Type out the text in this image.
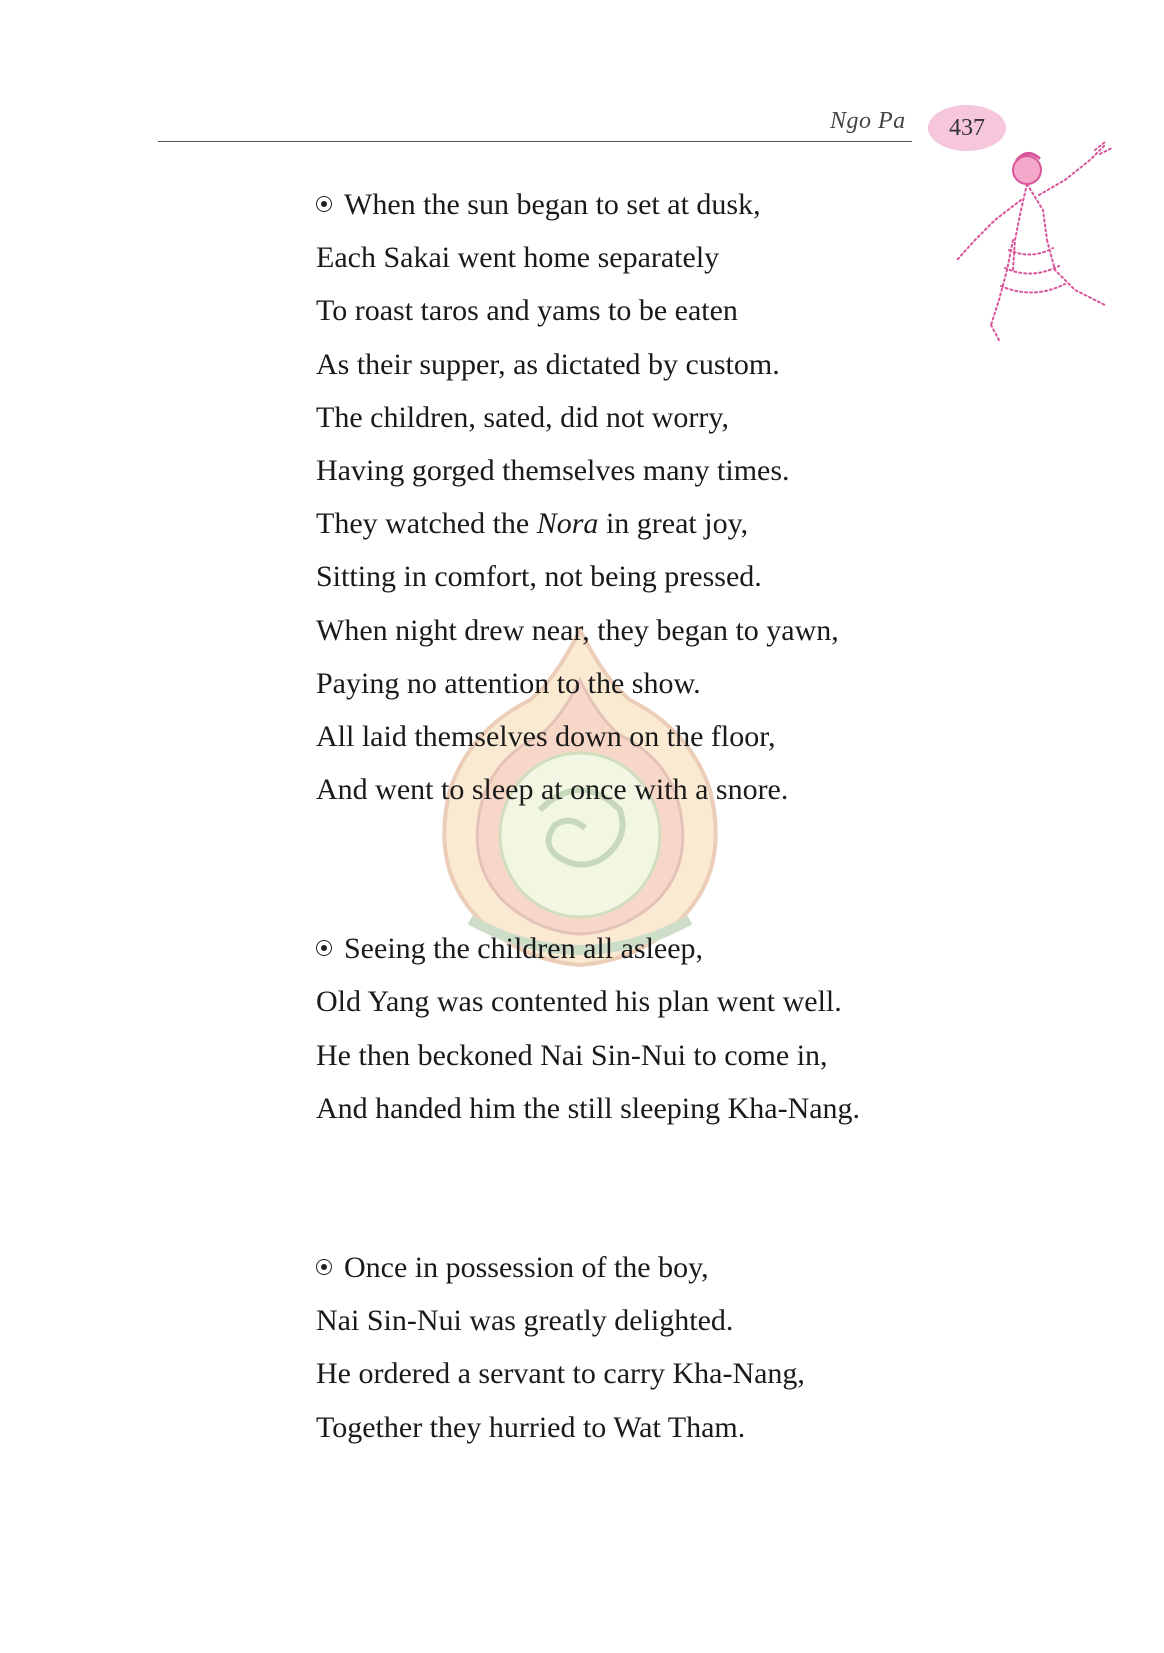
Ngo Pa 437
When the sun began to set at dusk,
Each Sakai went home separately
To roast taros and yams to be eaten
As their supper, as dictated by custom.
The children, sated, did not worry,
Having gorged themselves many times.
They watched the Nora in great joy,
Sitting in comfort, not being pressed.
When night drew near, they began to yawn,
Paying no attention to the show.
All laid themselves down on the floor,
And went to sleep at once with a snore.
Seeing the children all asleep,
Old Yang was contented his plan went well.
He then beckoned Nai Sin-Nui to come in,
And handed him the still sleeping Kha-Nang.
Once in possession of the boy,
Nai Sin-Nui was greatly delighted.
He ordered a servant to carry Kha-Nang,
Together they hurried to Wat Tham.
